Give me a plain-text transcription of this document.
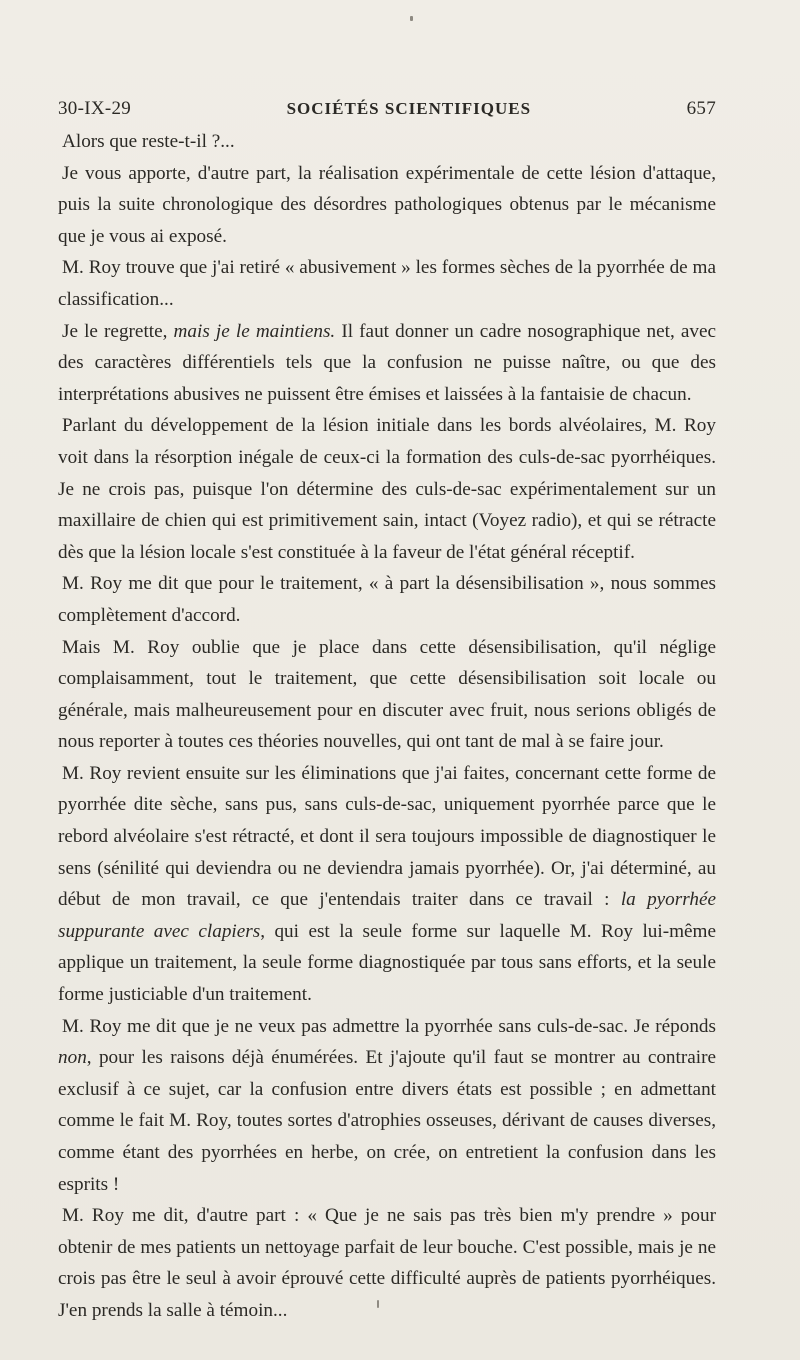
30-IX-29	SOCIÉTÉS SCIENTIFIQUES	657

Alors que reste-t-il ?...

Je vous apporte, d'autre part, la réalisation expérimentale de cette lésion d'attaque, puis la suite chronologique des désordres pathologiques obtenus par le mécanisme que je vous ai exposé.

M. Roy trouve que j'ai retiré « abusivement » les formes sèches de la pyorrhée de ma classification...

Je le regrette, mais je le maintiens. Il faut donner un cadre nosographique net, avec des caractères différentiels tels que la confusion ne puisse naître, ou que des interprétations abusives ne puissent être émises et laissées à la fantaisie de chacun.

Parlant du développement de la lésion initiale dans les bords alvéolaires, M. Roy voit dans la résorption inégale de ceux-ci la formation des culs-de-sac pyorrhéiques. Je ne crois pas, puisque l'on détermine des culs-de-sac expérimentalement sur un maxillaire de chien qui est primitivement sain, intact (Voyez radio), et qui se rétracte dès que la lésion locale s'est constituée à la faveur de l'état général réceptif.

M. Roy me dit que pour le traitement, « à part la désensibilisation », nous sommes complètement d'accord.

Mais M. Roy oublie que je place dans cette désensibilisation, qu'il néglige complaisamment, tout le traitement, que cette désensibilisation soit locale ou générale, mais malheureusement pour en discuter avec fruit, nous serions obligés de nous reporter à toutes ces théories nouvelles, qui ont tant de mal à se faire jour.

M. Roy revient ensuite sur les éliminations que j'ai faites, concernant cette forme de pyorrhée dite sèche, sans pus, sans culs-de-sac, uniquement pyorrhée parce que le rebord alvéolaire s'est rétracté, et dont il sera toujours impossible de diagnostiquer le sens (sénilité qui deviendra ou ne deviendra jamais pyorrhée). Or, j'ai déterminé, au début de mon travail, ce que j'entendais traiter dans ce travail : la pyorrhée suppurante avec clapiers, qui est la seule forme sur laquelle M. Roy lui-même applique un traitement, la seule forme diagnostiquée par tous sans efforts, et la seule forme justiciable d'un traitement.

M. Roy me dit que je ne veux pas admettre la pyorrhée sans culs-de-sac. Je réponds non, pour les raisons déjà énumérées. Et j'ajoute qu'il faut se montrer au contraire exclusif à ce sujet, car la confusion entre divers états est possible ; en admettant comme le fait M. Roy, toutes sortes d'atrophies osseuses, dérivant de causes diverses, comme étant des pyorrhées en herbe, on crée, on entretient la confusion dans les esprits !

M. Roy me dit, d'autre part : « Que je ne sais pas très bien m'y prendre » pour obtenir de mes patients un nettoyage parfait de leur bouche. C'est possible, mais je ne crois pas être le seul à avoir éprouvé cette difficulté auprès de patients pyorrhéiques. J'en prends la salle à témoin...
